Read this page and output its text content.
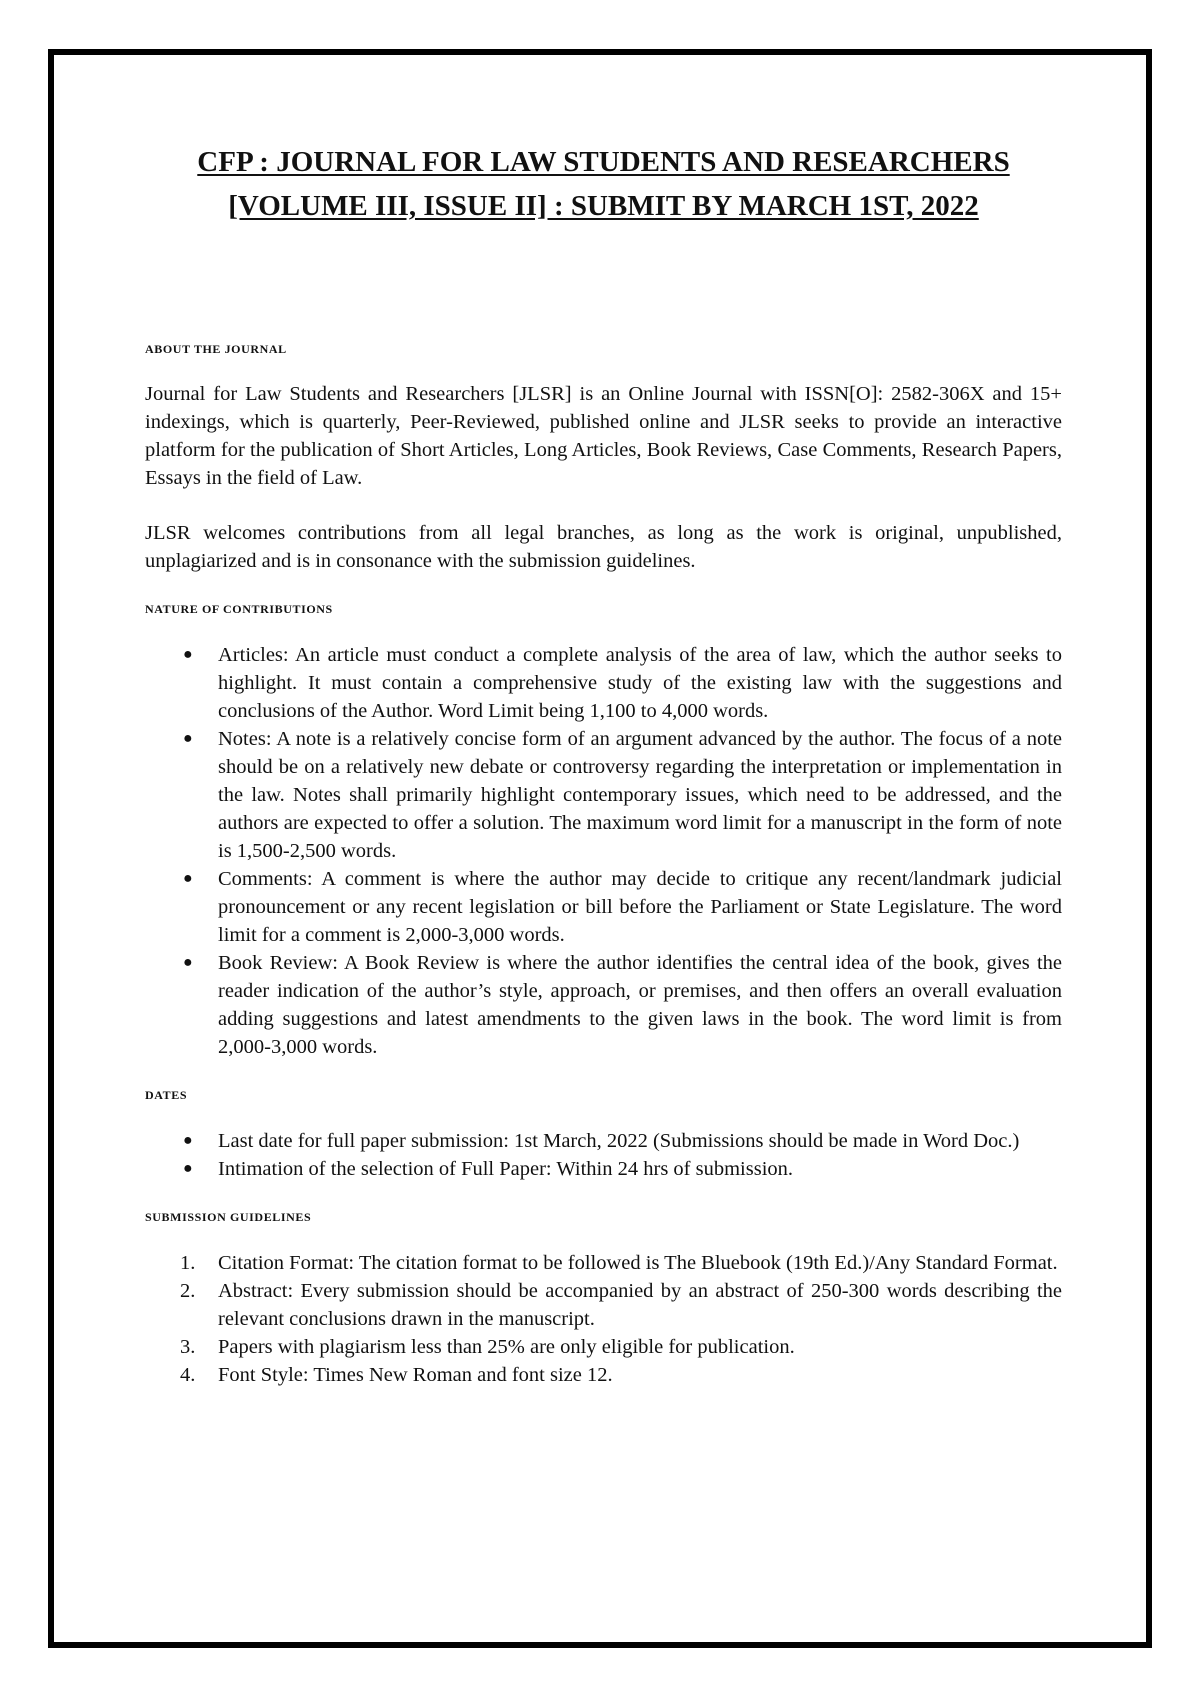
CFP : JOURNAL FOR LAW STUDENTS AND RESEARCHERS
[VOLUME III, ISSUE II] : SUBMIT BY MARCH 1ST, 2022
ABOUT THE JOURNAL

Journal for Law Students and Researchers [JLSR] is an Online Journal with ISSN[O]: 2582-306X and 15+ indexings, which is quarterly, Peer-Reviewed, published online and JLSR seeks to provide an interactive platform for the publication of Short Articles, Long Articles, Book Reviews, Case Comments, Research Papers, Essays in the field of Law.

JLSR welcomes contributions from all legal branches, as long as the work is original, unpublished, unplagiarized and is in consonance with the submission guidelines.

NATURE OF CONTRIBUTIONS
● Articles: An article must conduct a complete analysis of the area of law, which the author seeks to highlight. It must contain a comprehensive study of the existing law with the suggestions and conclusions of the Author. Word Limit being 1,100 to 4,000 words.
● Notes: A note is a relatively concise form of an argument advanced by the author. The focus of a note should be on a relatively new debate or controversy regarding the interpretation or implementation in the law. Notes shall primarily highlight contemporary issues, which need to be addressed, and the authors are expected to offer a solution. The maximum word limit for a manuscript in the form of note is 1,500-2,500 words.
● Comments: A comment is where the author may decide to critique any recent/landmark judicial pronouncement or any recent legislation or bill before the Parliament or State Legislature. The word limit for a comment is 2,000-3,000 words.
● Book Review: A Book Review is where the author identifies the central idea of the book, gives the reader indication of the author’s style, approach, or premises, and then offers an overall evaluation adding suggestions and latest amendments to the given laws in the book. The word limit is from 2,000-3,000 words.
DATES
● Last date for full paper submission: 1st March, 2022 (Submissions should be made in Word Doc.)
● Intimation of the selection of Full Paper: Within 24 hrs of submission.
SUBMISSION GUIDELINES
1. Citation Format: The citation format to be followed is The Bluebook (19th Ed.)/Any Standard Format.
2. Abstract: Every submission should be accompanied by an abstract of 250-300 words describing the relevant conclusions drawn in the manuscript.
3. Papers with plagiarism less than 25% are only eligible for publication.
4. Font Style: Times New Roman and font size 12.
